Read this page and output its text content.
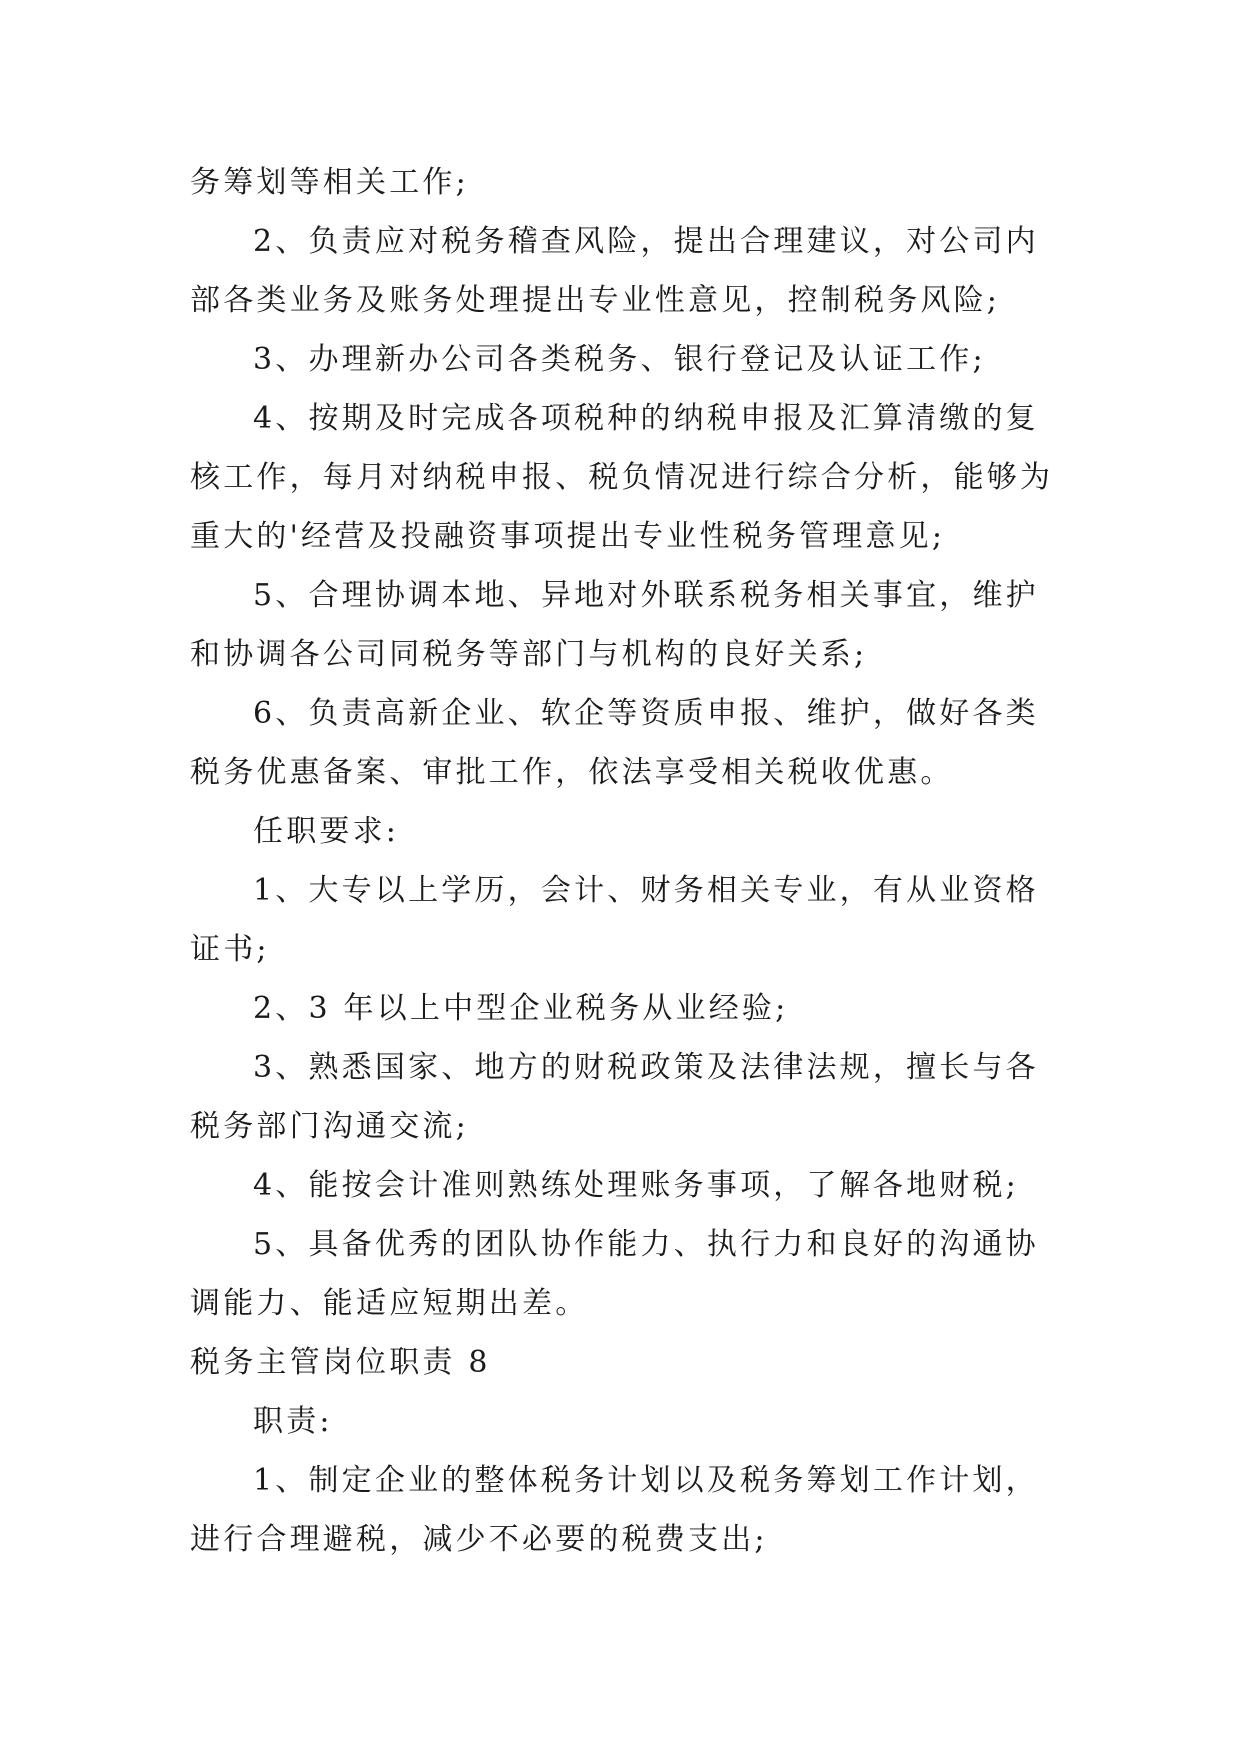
务筹划等相关工作;
2、负责应对税务稽查风险，提出合理建议，对公司内
部各类业务及账务处理提出专业性意见，控制税务风险;
3、办理新办公司各类税务、银行登记及认证工作;
4、按期及时完成各项税种的纳税申报及汇算清缴的复
核工作，每月对纳税申报、税负情况进行综合分析，能够为
重大的'经营及投融资事项提出专业性税务管理意见;
5、合理协调本地、异地对外联系税务相关事宜，维护
和协调各公司同税务等部门与机构的良好关系;
6、负责高新企业、软企等资质申报、维护，做好各类
税务优惠备案、审批工作，依法享受相关税收优惠。
任职要求:
1、大专以上学历，会计、财务相关专业，有从业资格
证书;
2、3 年以上中型企业税务从业经验;
3、熟悉国家、地方的财税政策及法律法规，擅长与各
税务部门沟通交流;
4、能按会计准则熟练处理账务事项，了解各地财税;
5、具备优秀的团队协作能力、执行力和良好的沟通协
调能力、能适应短期出差。
税务主管岗位职责 8
职责:
1、制定企业的整体税务计划以及税务筹划工作计划，
进行合理避税，减少不必要的税费支出;
